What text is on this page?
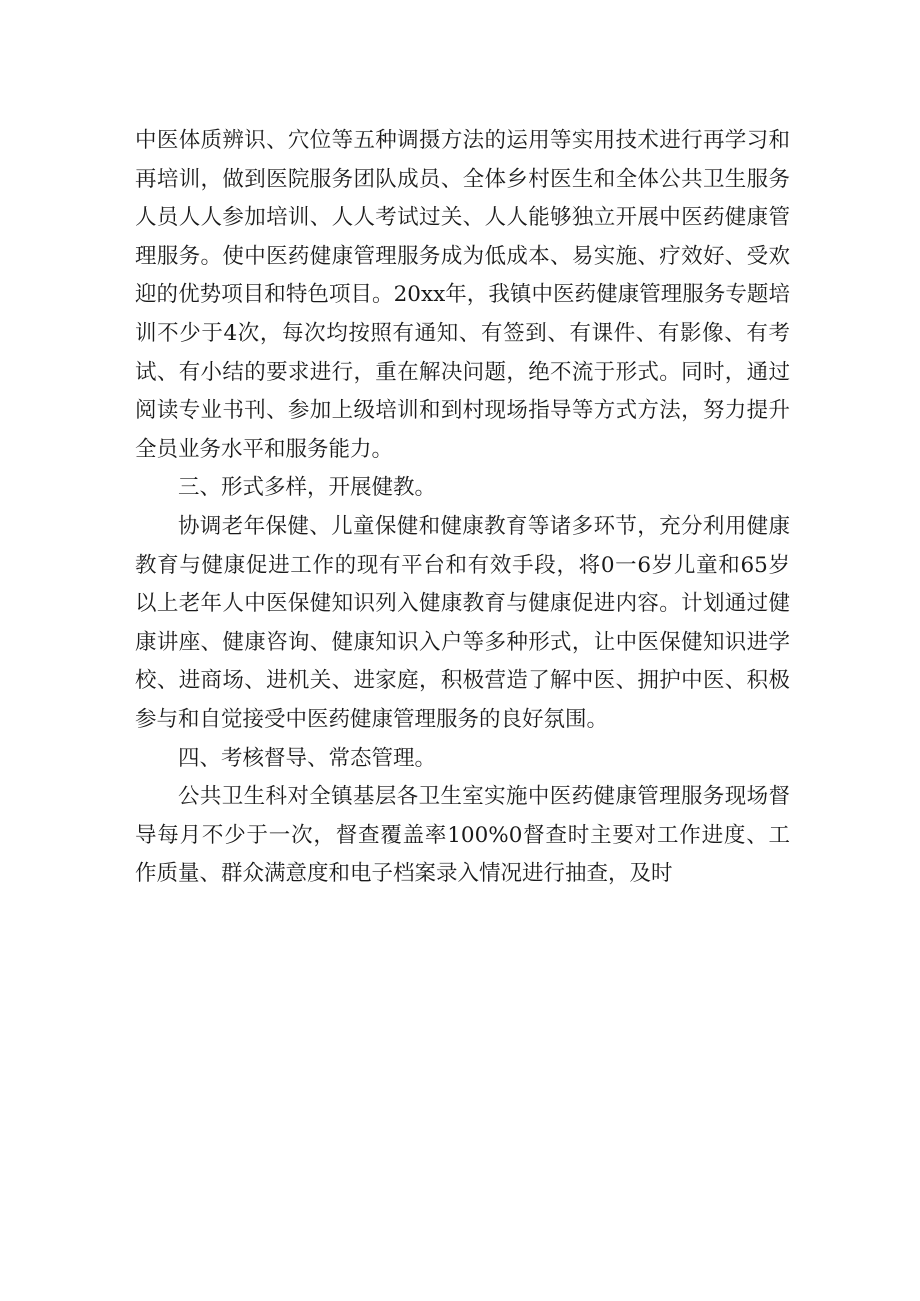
中医体质辨识、穴位等五种调摄方法的运用等实用技术进行再学习和再培训，做到医院服务团队成员、全体乡村医生和全体公共卫生服务人员人人参加培训、人人考试过关、人人能够独立开展中医药健康管理服务。使中医药健康管理服务成为低成本、易实施、疗效好、受欢迎的优势项目和特色项目。20xx年，我镇中医药健康管理服务专题培训不少于4次，每次均按照有通知、有签到、有课件、有影像、有考试、有小结的要求进行，重在解决问题，绝不流于形式。同时，通过阅读专业书刊、参加上级培训和到村现场指导等方式方法，努力提升全员业务水平和服务能力。

三、形式多样，开展健教。

协调老年保健、儿童保健和健康教育等诸多环节，充分利用健康教育与健康促进工作的现有平台和有效手段，将0一6岁儿童和65岁以上老年人中医保健知识列入健康教育与健康促进内容。计划通过健康讲座、健康咨询、健康知识入户等多种形式，让中医保健知识进学校、进商场、进机关、进家庭，积极营造了解中医、拥护中医、积极参与和自觉接受中医药健康管理服务的良好氛围。

四、考核督导、常态管理。

公共卫生科对全镇基层各卫生室实施中医药健康管理服务现场督导每月不少于一次，督查覆盖率100%0督查时主要对工作进度、工作质量、群众满意度和电子档案录入情况进行抽查，及时
